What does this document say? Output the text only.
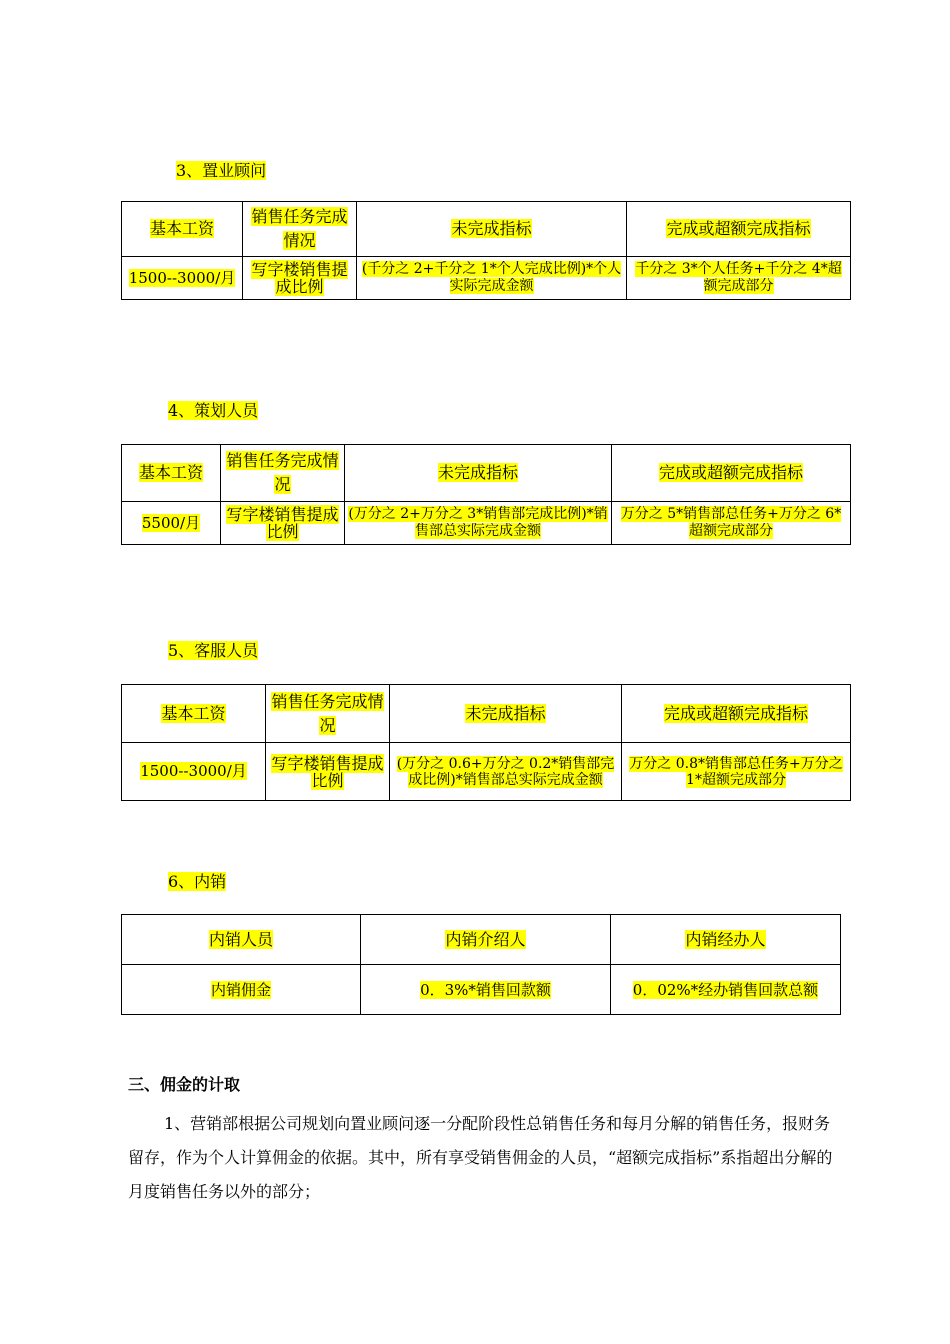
3、置业顾问
基本工资	销售任务完成情况	未完成指标	完成或超额完成指标
1500--3000/月	写字楼销售提成比例	(千分之 2+千分之 1*个人完成比例)*个人实际完成金额	千分之 3*个人任务+千分之 4*超额完成部分
4、策划人员
基本工资	销售任务完成情况	未完成指标	完成或超额完成指标
5500/月	写字楼销售提成比例	(万分之 2+万分之 3*销售部完成比例)*销售部总实际完成金额	万分之 5*销售部总任务+万分之 6*超额完成部分
5、客服人员
基本工资	销售任务完成情况	未完成指标	完成或超额完成指标
1500--3000/月	写字楼销售提成比例	(万分之 0.6+万分之 0.2*销售部完成比例)*销售部总实际完成金额	万分之 0.8*销售部总任务+万分之 1*超额完成部分
6、内销
内销人员	内销介绍人	内销经办人
内销佣金	0．3%*销售回款额	0．02%*经办销售回款总额
三、佣金的计取

1、营销部根据公司规划向置业顾问逐一分配阶段性总销售任务和每月分解的销售任务，报财务留存，作为个人计算佣金的依据。其中，所有享受销售佣金的人员，“超额完成指标”系指超出分解的月度销售任务以外的部分；
